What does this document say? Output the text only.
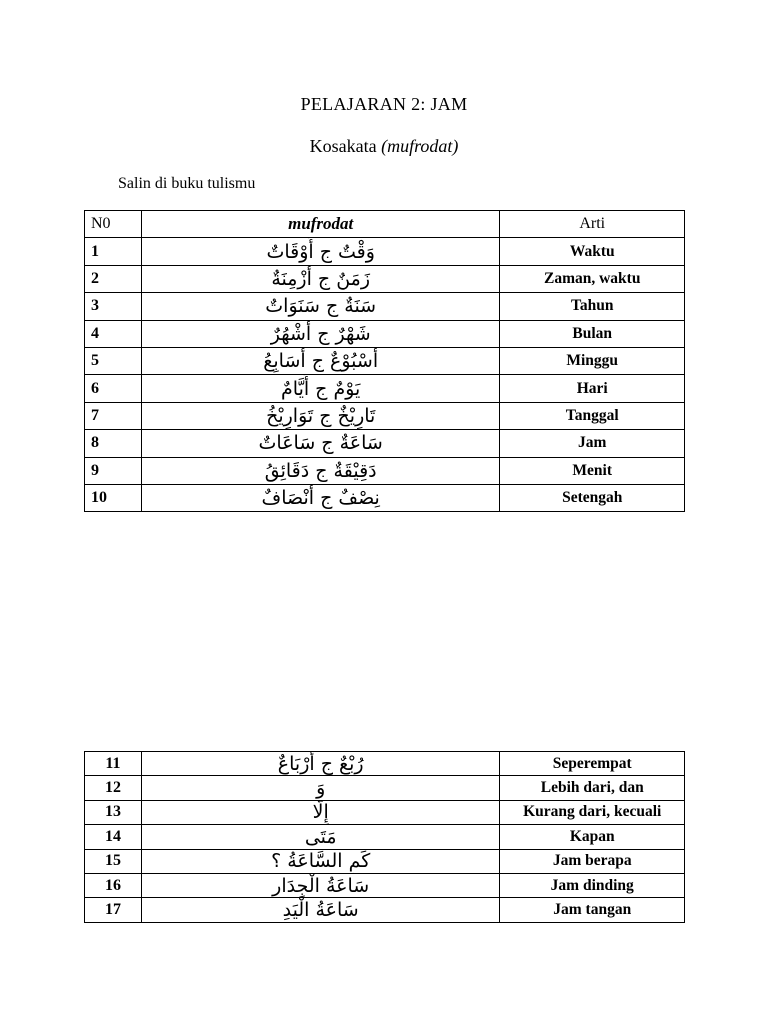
PELAJARAN 2: JAM
Kosakata (mufrodat)
Salin di buku tulismu
N0	mufrodat	Arti
1	وَقْتٌ ج أَوْقَاتٌ	Waktu
2	زَمَنٌ ج أَزْمِنَةٌ	Zaman, waktu
3	سَنَةٌ ج سَنَوَاتٌ	Tahun
4	شَهْرٌ ج أَشْهُرٌ	Bulan
5	أُسْبُوْعٌ ج أَسَابِعُ	Minggu
6	يَوْمٌ ج أَيَّامٌ	Hari
7	تَارِيْخٌ ج تَوَارِيْخُ	Tanggal
8	سَاعَةٌ ج سَاعَاتٌ	Jam
9	دَقِيْقَةٌ ج دَقَائِقُ	Menit
10	نِصْفٌ ج أَنْصَافٌ	Setengah
11	رُبْعٌ ج أَرْبَاعٌ	Seperempat
12	وَ	Lebih dari, dan
13	إِلَّا	Kurang dari, kecuali
14	مَتَى	Kapan
15	كَمِ السَّاعَةُ ؟	Jam berapa
16	سَاعَةُ الْجِدَارِ	Jam dinding
17	سَاعَةُ الْيَدِ	Jam tangan
